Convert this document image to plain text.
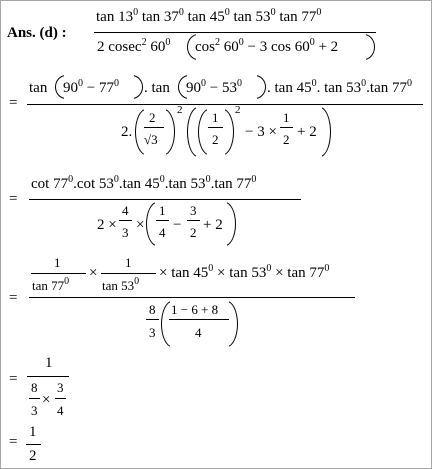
Ans. (d) :
$\tan 13^0$ $\tan 37^0$ $\tan 45^0$ $\tan 53^0$ $\tan 77^0$
2 cosec$^2$ $60^0$ $\cos^2 60^0 - 3$ $\cos 60^0 + 2$
=
$\tan 90^0 - 77^0$ . $\tan 90^0 - 53^0$ . $\tan 45^0$. $\tan 53^0.\tan$ $77^0$
2.
2
√3
2 1
2
2
− 3 ×
1
2 + 2
=
$\cot 77^0.\cot$ $53^0.\tan$ $45^0.\tan$ $53^0.\tan$ $77^0$
2 ×
4
3 ×
1
4 −
3
2 + 2
=
1
$\tan 77^0$
×
1
$\tan 53^0$
× $\tan 45^0 \times \tan 53^0 \times \tan 77^0$
8
3
1 − 6 + 8
4
=
1
8
3
×
3
4
=
1
2
